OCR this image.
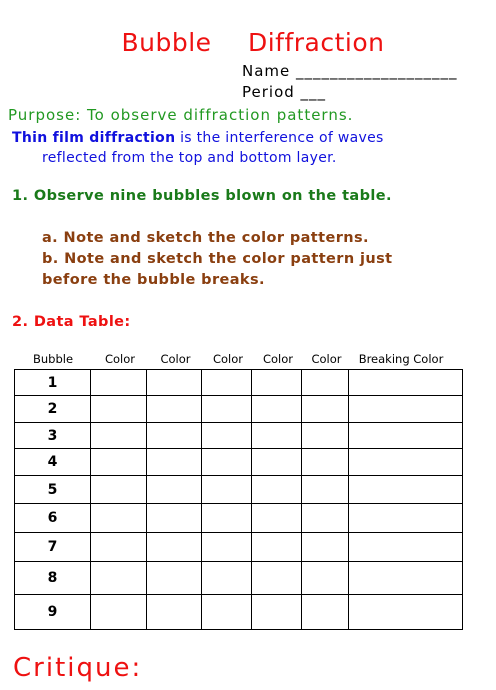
Bubble Diffraction
Name ___________________
Period ___
Purpose: To observe diffraction patterns.
Thin film diffraction is the interference of waves
reflected from the top and bottom layer.
1. Observe nine bubbles blown on the table.
a. Note and sketch the color patterns.
b. Note and sketch the color pattern just
before the bubble breaks.
2. Data Table:
Bubble	Color	Color	Color	Color	Color	Breaking Color
1						
2						
3						
4						
5						
6						
7						
8						
9						
Critique:
